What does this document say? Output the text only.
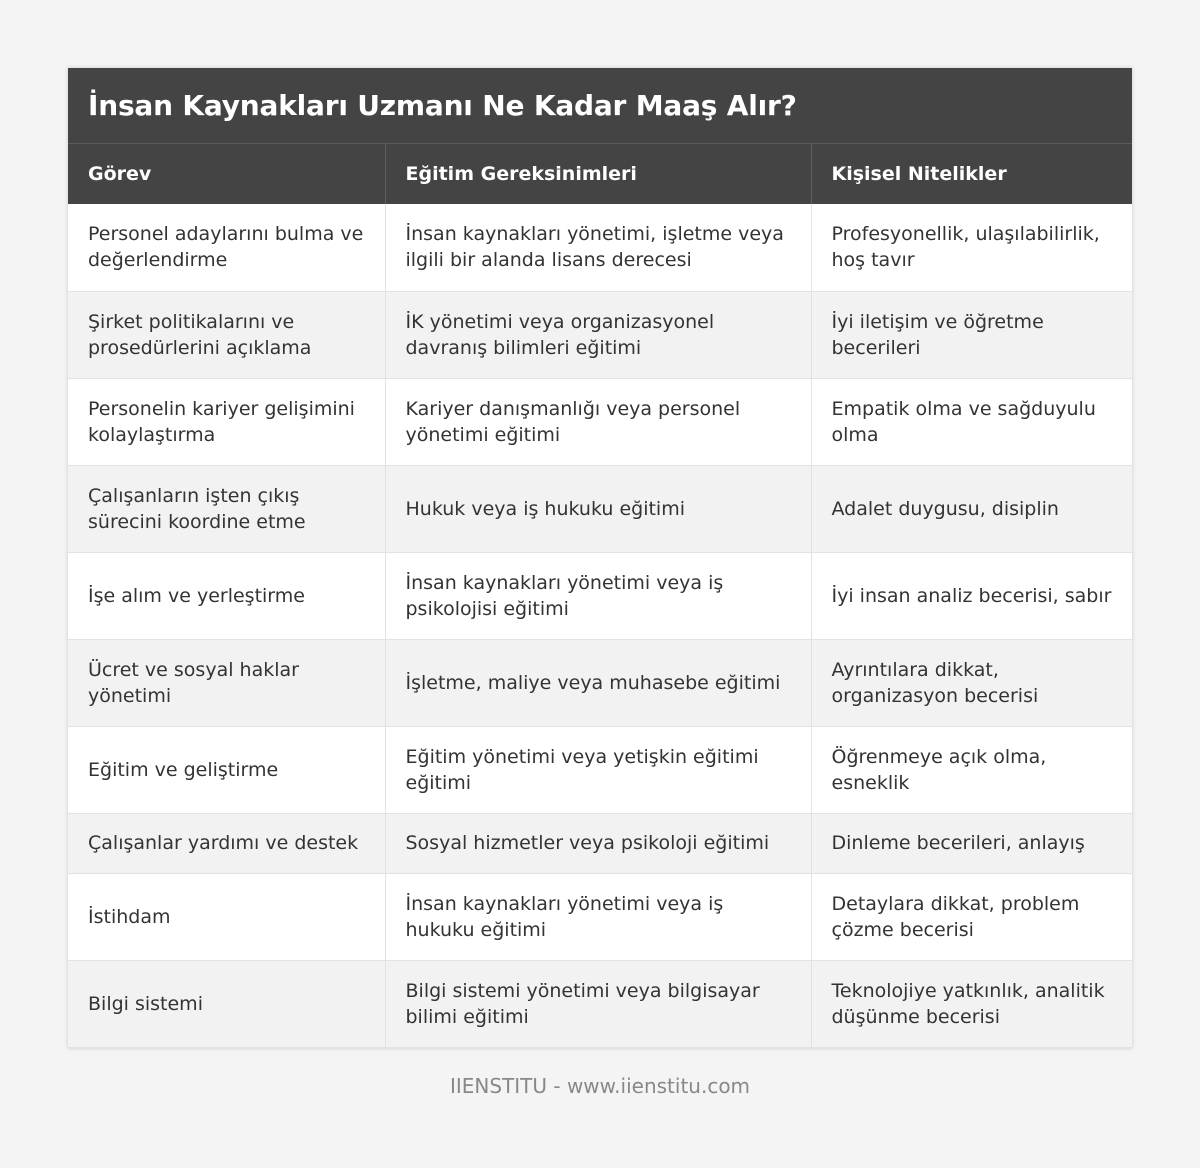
İnsan Kaynakları Uzmanı Ne Kadar Maaş Alır?
Görev	Eğitim Gereksinimleri	Kişisel Nitelikler
Personel adaylarını bulma ve değerlendirme	İnsan kaynakları yönetimi, işletme veya ilgili bir alanda lisans derecesi	Profesyonellik, ulaşılabilirlik, hoş tavır
Şirket politikalarını ve prosedürlerini açıklama	İK yönetimi veya organizasyonel davranış bilimleri eğitimi	İyi iletişim ve öğretme becerileri
Personelin kariyer gelişimini kolaylaştırma	Kariyer danışmanlığı veya personel yönetimi eğitimi	Empatik olma ve sağduyulu olma
Çalışanların işten çıkış sürecini koordine etme	Hukuk veya iş hukuku eğitimi	Adalet duygusu, disiplin
İşe alım ve yerleştirme	İnsan kaynakları yönetimi veya iş psikolojisi eğitimi	İyi insan analiz becerisi, sabır
Ücret ve sosyal haklar yönetimi	İşletme, maliye veya muhasebe eğitimi	Ayrıntılara dikkat, organizasyon becerisi
Eğitim ve geliştirme	Eğitim yönetimi veya yetişkin eğitimi eğitimi	Öğrenmeye açık olma, esneklik
Çalışanlar yardımı ve destek	Sosyal hizmetler veya psikoloji eğitimi	Dinleme becerileri, anlayış
İstihdam	İnsan kaynakları yönetimi veya iş hukuku eğitimi	Detaylara dikkat, problem çözme becerisi
Bilgi sistemi	Bilgi sistemi yönetimi veya bilgisayar bilimi eğitimi	Teknolojiye yatkınlık, analitik düşünme becerisi
IIENSTITU - www.iienstitu.com
